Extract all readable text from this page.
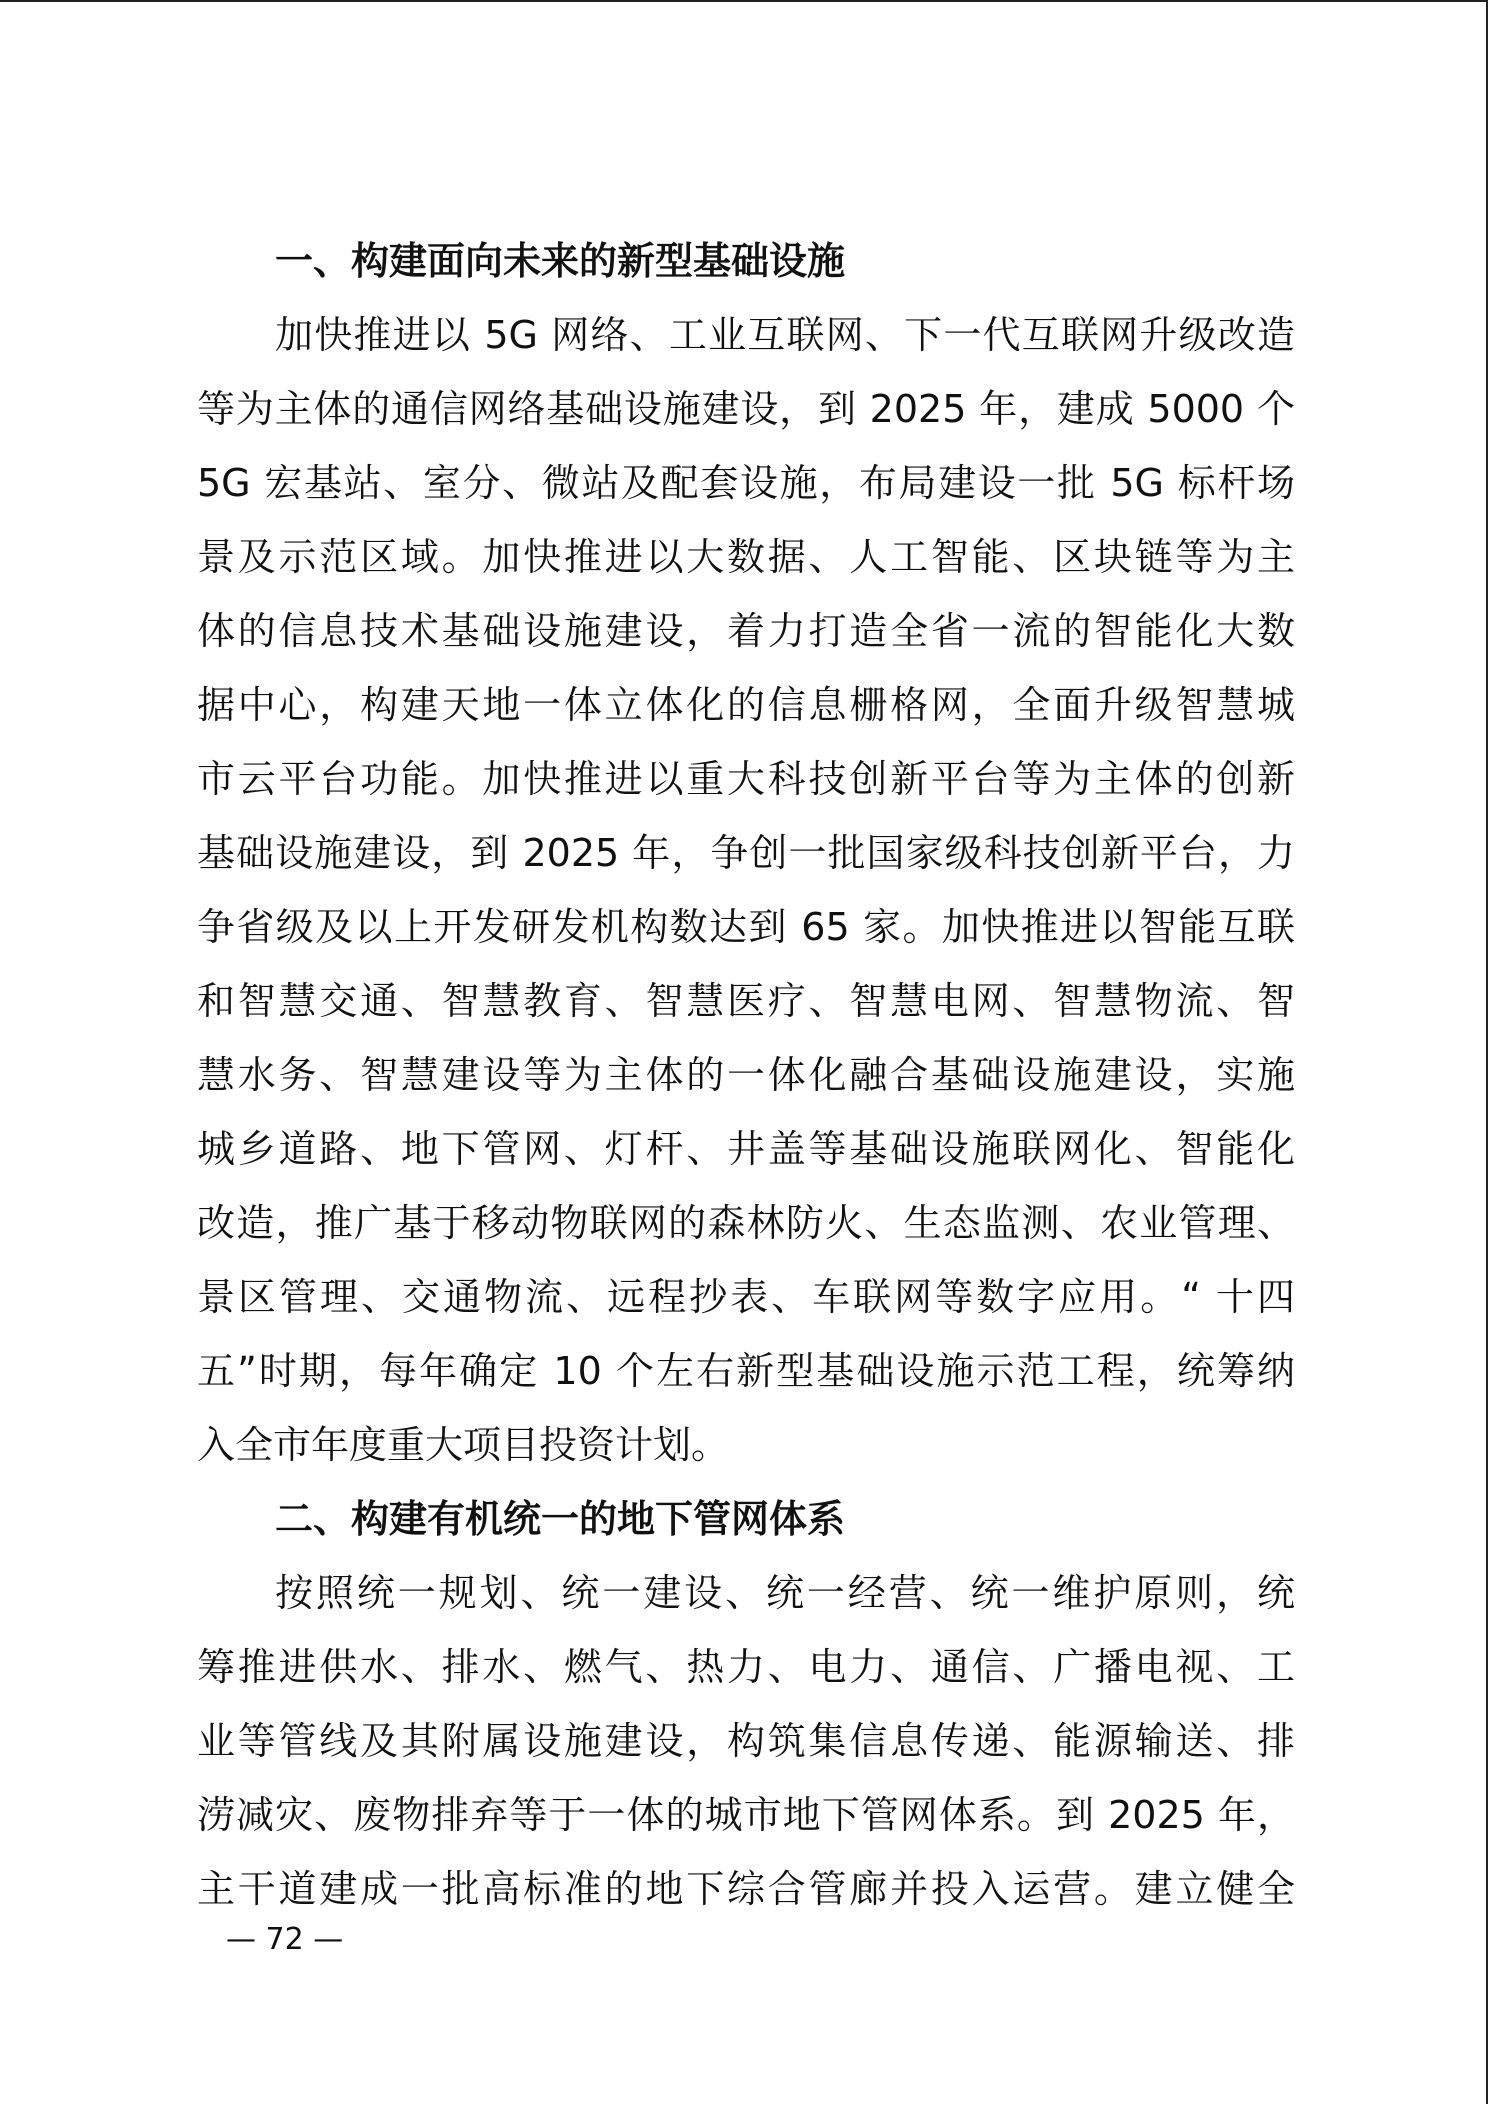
一、构建面向未来的新型基础设施
加快推进以 5G 网络、工业互联网、下一代互联网升级改造
等为主体的通信网络基础设施建设，到 2025 年，建成 5000 个
5G 宏基站、室分、微站及配套设施，布局建设一批 5G 标杆场
景及示范区域。加快推进以大数据、人工智能、区块链等为主
体的信息技术基础设施建设，着力打造全省一流的智能化大数
据中心，构建天地一体立体化的信息栅格网，全面升级智慧城
市云平台功能。加快推进以重大科技创新平台等为主体的创新
基础设施建设，到 2025 年，争创一批国家级科技创新平台，力
争省级及以上开发研发机构数达到 65 家。加快推进以智能互联
和智慧交通、智慧教育、智慧医疗、智慧电网、智慧物流、智
慧水务、智慧建设等为主体的一体化融合基础设施建设，实施
城乡道路、地下管网、灯杆、井盖等基础设施联网化、智能化
改造，推广基于移动物联网的森林防火、生态监测、农业管理、
景区管理、交通物流、远程抄表、车联网等数字应用。“ 十四
五”时期，每年确定 10 个左右新型基础设施示范工程，统筹纳
入全市年度重大项目投资计划。
二、构建有机统一的地下管网体系
按照统一规划、统一建设、统一经营、统一维护原则，统
筹推进供水、排水、燃气、热力、电力、通信、广播电视、工
业等管线及其附属设施建设，构筑集信息传递、能源输送、排
涝减灾、废物排弃等于一体的城市地下管网体系。到 2025 年，
主干道建成一批高标准的地下综合管廊并投入运营。建立健全
— 72 —
